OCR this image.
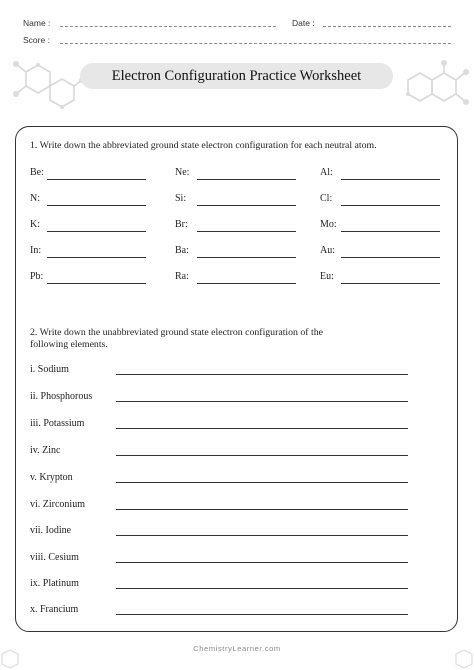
Name :	Date :
Score :
Electron Configuration Practice Worksheet
1. Write down the abbreviated ground state electron configuration for each neutral atom.
Be:	Ne:	Al:
N:	Si:	Cl:
K:	Br:	Mo:
In:	Ba:	Au:
Pb:	Ra:	Eu:
2. Write down the unabbreviated ground state electron configuration of the
following elements.
i. Sodium
ii. Phosphorous
iii. Potassium
iv. Zinc
v. Krypton
vi. Zirconium
vii. Iodine
viii. Cesium
ix. Platinum
x. Francium
ChemistryLearner.com
